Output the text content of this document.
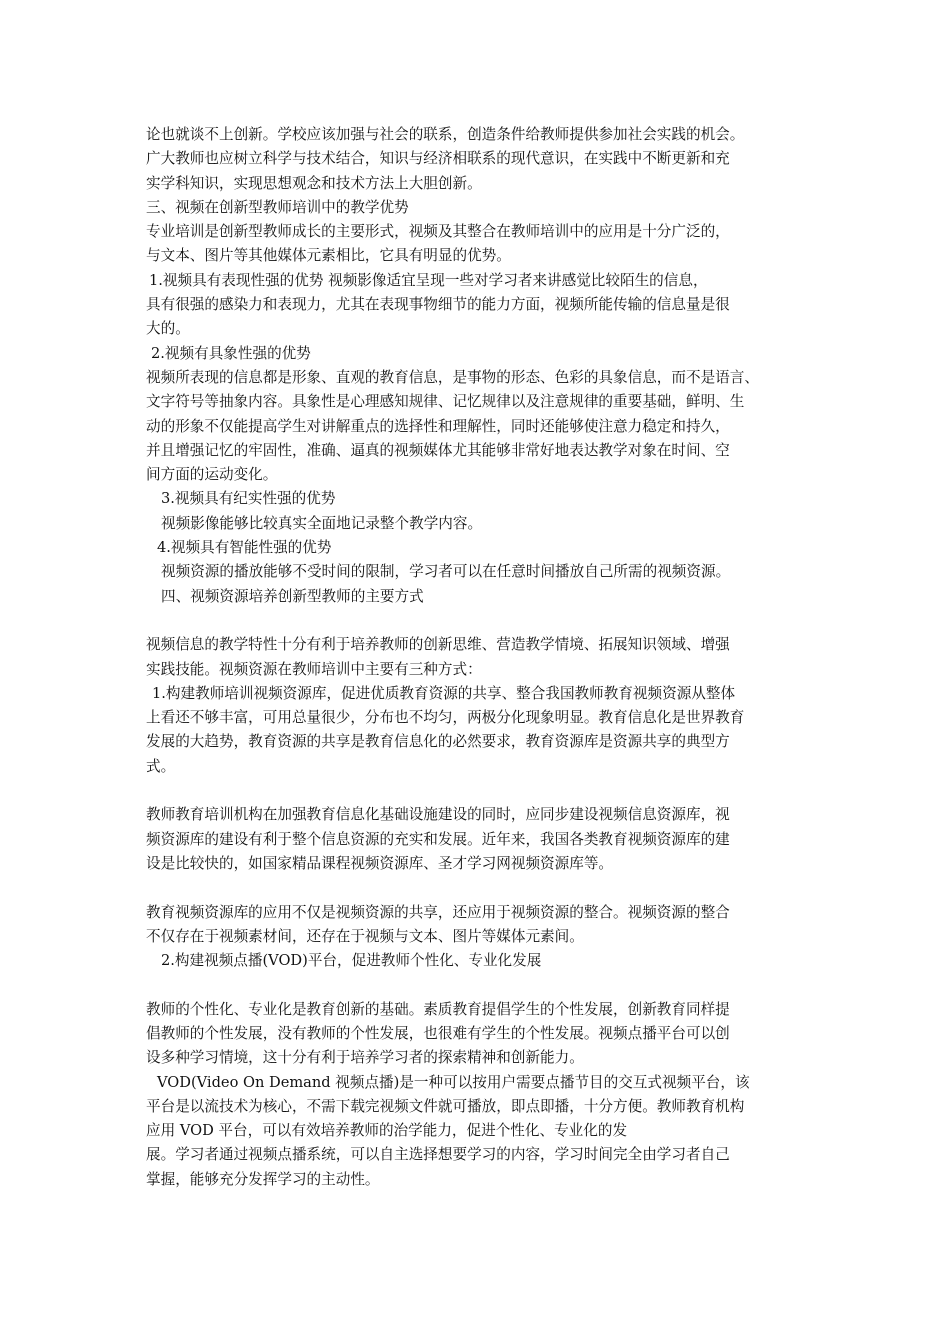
论也就谈不上创新。学校应该加强与社会的联系，创造条件给教师提供参加社会实践的机会。
广大教师也应树立科学与技术结合，知识与经济相联系的现代意识，在实践中不断更新和充
实学科知识，实现思想观念和技术方法上大胆创新。
三、视频在创新型教师培训中的教学优势
专业培训是创新型教师成长的主要形式，视频及其整合在教师培训中的应用是十分广泛的，
与文本、图片等其他媒体元素相比，它具有明显的优势。
1.视频具有表现性强的优势 视频影像适宜呈现一些对学习者来讲感觉比较陌生的信息，
具有很强的感染力和表现力，尤其在表现事物细节的能力方面，视频所能传输的信息量是很
大的。
2.视频有具象性强的优势
视频所表现的信息都是形象、直观的教育信息，是事物的形态、色彩的具象信息，而不是语言、
文字符号等抽象内容。具象性是心理感知规律、记忆规律以及注意规律的重要基础，鲜明、生
动的形象不仅能提高学生对讲解重点的选择性和理解性，同时还能够使注意力稳定和持久，
并且增强记忆的牢固性，准确、逼真的视频媒体尤其能够非常好地表达教学对象在时间、空
间方面的运动变化。
3.视频具有纪实性强的优势
视频影像能够比较真实全面地记录整个教学内容。
4.视频具有智能性强的优势
视频资源的播放能够不受时间的限制，学习者可以在任意时间播放自己所需的视频资源。
四、视频资源培养创新型教师的主要方式
视频信息的教学特性十分有利于培养教师的创新思维、营造教学情境、拓展知识领域、增强
实践技能。视频资源在教师培训中主要有三种方式：
1.构建教师培训视频资源库，促进优质教育资源的共享、整合我国教师教育视频资源从整体
上看还不够丰富，可用总量很少，分布也不均匀，两极分化现象明显。教育信息化是世界教育
发展的大趋势，教育资源的共享是教育信息化的必然要求，教育资源库是资源共享的典型方
式。
教师教育培训机构在加强教育信息化基础设施建设的同时，应同步建设视频信息资源库，视
频资源库的建设有利于整个信息资源的充实和发展。近年来，我国各类教育视频资源库的建
设是比较快的，如国家精品课程视频资源库、圣才学习网视频资源库等。
教育视频资源库的应用不仅是视频资源的共享，还应用于视频资源的整合。视频资源的整合
不仅存在于视频素材间，还存在于视频与文本、图片等媒体元素间。
2.构建视频点播(VOD)平台，促进教师个性化、专业化发展
教师的个性化、专业化是教育创新的基础。素质教育提倡学生的个性发展，创新教育同样提
倡教师的个性发展，没有教师的个性发展，也很难有学生的个性发展。视频点播平台可以创
设多种学习情境，这十分有利于培养学习者的探索精神和创新能力。
VOD(Video On Demand 视频点播)是一种可以按用户需要点播节目的交互式视频平台，该
平台是以流技术为核心，不需下载完视频文件就可播放，即点即播，十分方便。教师教育机构
应用 VOD 平台，可以有效培养教师的治学能力，促进个性化、专业化的发
展。学习者通过视频点播系统，可以自主选择想要学习的内容，学习时间完全由学习者自己
掌握，能够充分发挥学习的主动性。
